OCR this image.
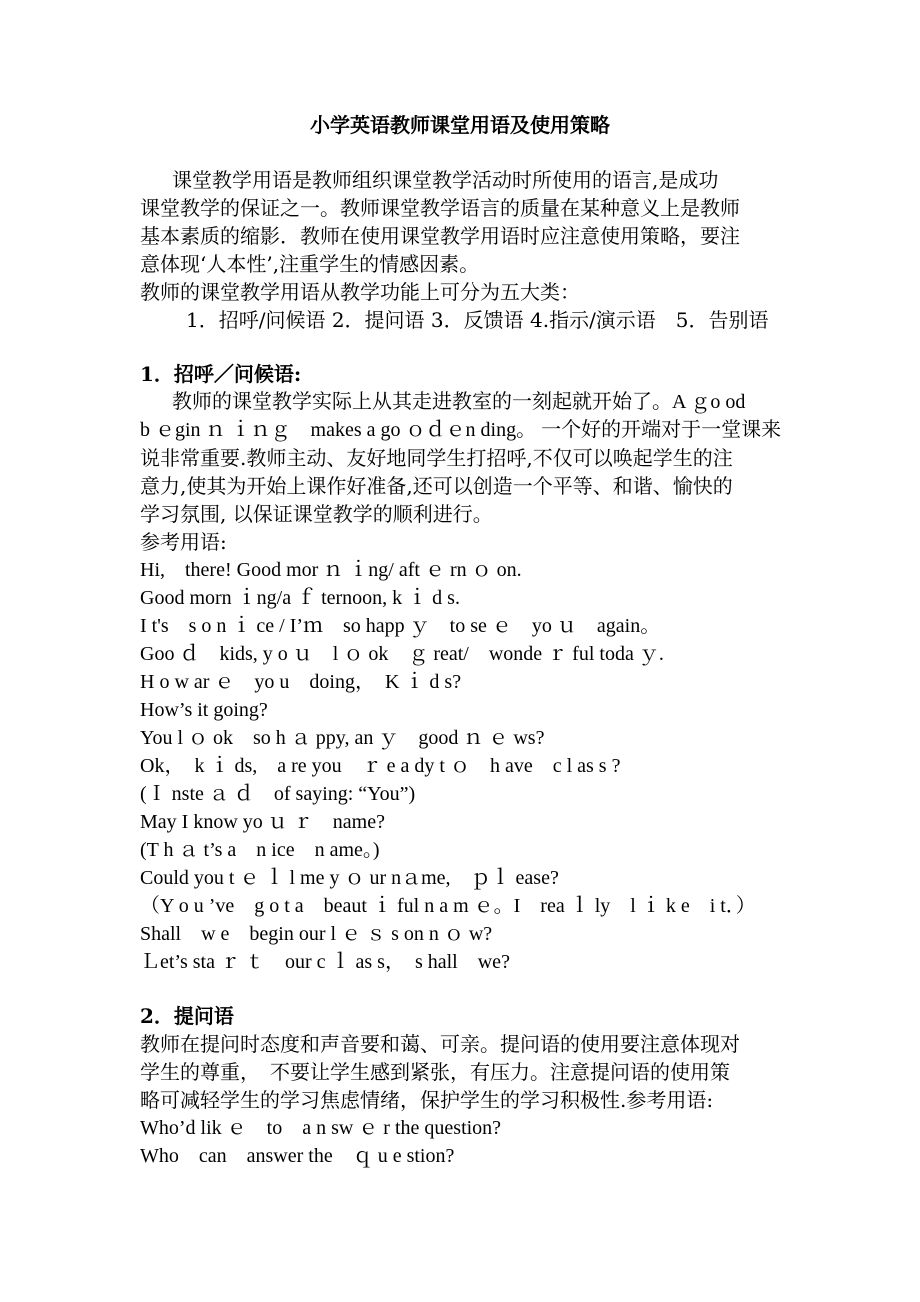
小学英语教师课堂用语及使用策略
课堂教学用语是教师组织课堂教学活动时所使用的语言,是成功
课堂教学的保证之一。教师课堂教学语言的质量在某种意义上是教师
基本素质的缩影．教师在使用课堂教学用语时应注意使用策略，要注
意体现‘人本性’,注重学生的情感因素。
教师的课堂教学用语从教学功能上可分为五大类：
1．招呼/问候语 2．提问语 3．反馈语 4.指示/演示语　5．告别语
1．招呼／问候语:
教师的课堂教学实际上从其走进教室的一刻起就开始了。A ｇo od
b ｅgin ｎ ｉｎｇ　makes a go ｏｄｅn ding。 一个好的开端对于一堂课来
说非常重要.教师主动、友好地同学生打招呼,不仅可以唤起学生的注
意力,使其为开始上课作好准备,还可以创造一个平等、和谐、愉快的
学习氛围, 以保证课堂教学的顺利进行。
参考用语:
Hi,　there! Good mor ｎ ｉng/ aft ｅ rn ｏ on.
Good morn ｉng/a ｆ ternoon, k ｉ d s.
I t's　s o n ｉ ce / I’ｍ　so happ ｙ　to se ｅ　yo ｕ　again。
Goo ｄ　kids, y o ｕ　l ｏ ok　ｇ reat/　wonde ｒ ful toda ｙ.
H o w ar ｅ　yo u　doing，　K ｉ d s?
How’s it going?
You l ｏ ok　so h ａ ppy, an ｙ　good ｎ ｅ ws?
Ok，　k ｉ ds,　a re you　ｒ e a dy t ｏ　h ave　c l as s ?
(Ｉ nste ａ ｄ　of saying: “You”)
May I know yo ｕ ｒ　name?
(T h ａ t’s a　n ice　n ame。)
Could you t ｅ ｌ l me y ｏ ur nａme,　ｐｌ ease?
（Y o u ’ve　g o t a　beaut ｉ ful n a m ｅ。I　rea ｌ ly　l ｉ k e　i t．）
Shall　w e　begin our l ｅ ｓ s on n ｏ w?
Ｌet’s sta ｒ ｔ　our c ｌ as s，　s hall　we?
2．提问语
教师在提问时态度和声音要和蔼、可亲。提问语的使用要注意体现对
学生的尊重，　不要让学生感到紧张，有压力。注意提问语的使用策
略可减轻学生的学习焦虑情绪，保护学生的学习积极性.参考用语:
Who’d lik ｅ　to　a n sw ｅ r the question?
Who　can　answer the　ｑ u e stion?
